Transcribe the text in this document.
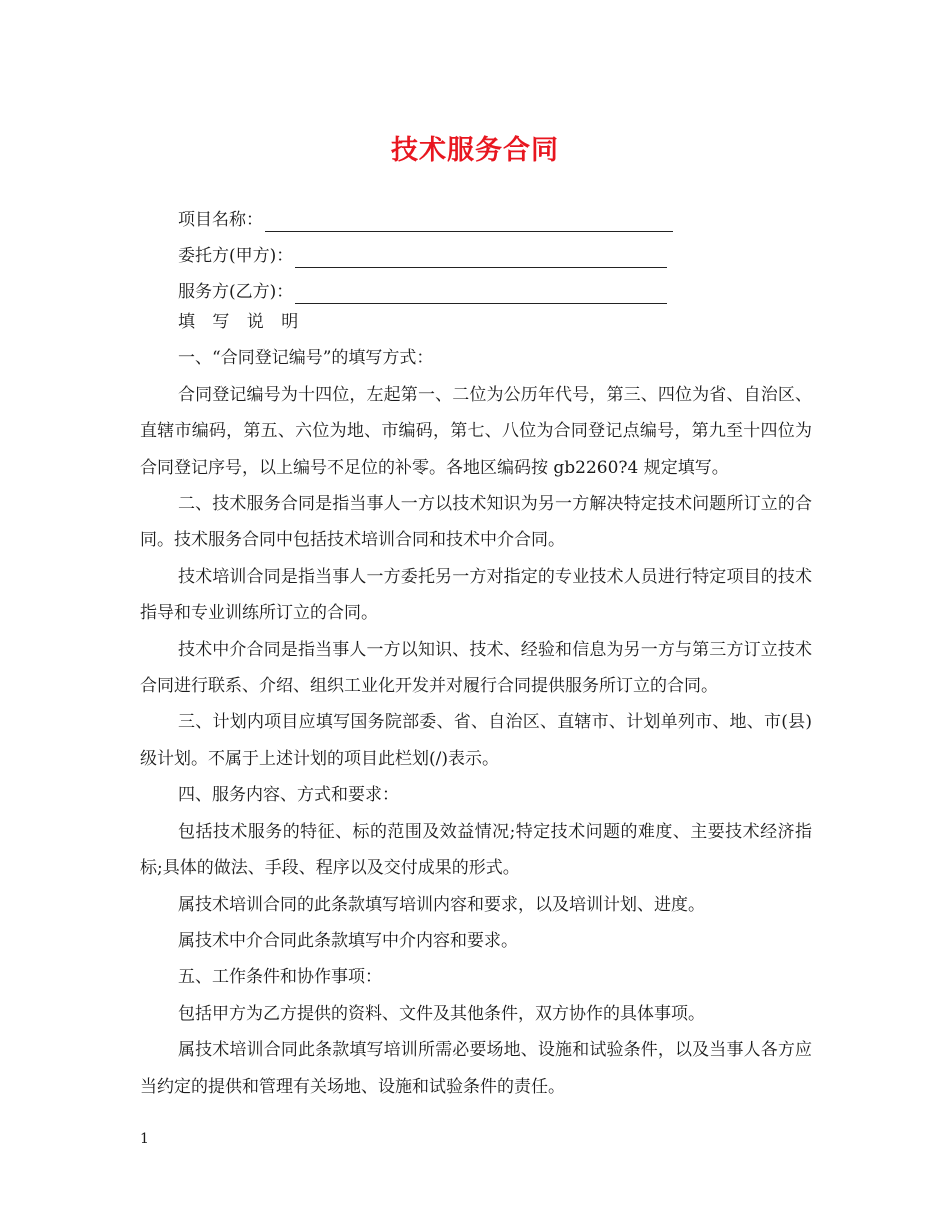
技术服务合同
项目名称：
委托方(甲方)：
服务方(乙方)：

填 写 说 明

一、“合同登记编号”的填写方式：

合同登记编号为十四位，左起第一、二位为公历年代号，第三、四位为省、自治区、直辖市编码，第五、六位为地、市编码，第七、八位为合同登记点编号，第九至十四位为合同登记序号，以上编号不足位的补零。各地区编码按 gb2260?4 规定填写。

二、技术服务合同是指当事人一方以技术知识为另一方解决特定技术问题所订立的合同。技术服务合同中包括技术培训合同和技术中介合同。

技术培训合同是指当事人一方委托另一方对指定的专业技术人员进行特定项目的技术指导和专业训练所订立的合同。

技术中介合同是指当事人一方以知识、技术、经验和信息为另一方与第三方订立技术合同进行联系、介绍、组织工业化开发并对履行合同提供服务所订立的合同。

三、计划内项目应填写国务院部委、省、自治区、直辖市、计划单列市、地、市(县)级计划。不属于上述计划的项目此栏划(/)表示。

四、服务内容、方式和要求：

包括技术服务的特征、标的范围及效益情况;特定技术问题的难度、主要技术经济指标;具体的做法、手段、程序以及交付成果的形式。

属技术培训合同的此条款填写培训内容和要求，以及培训计划、进度。

属技术中介合同此条款填写中介内容和要求。

五、工作条件和协作事项：

包括甲方为乙方提供的资料、文件及其他条件，双方协作的具体事项。

属技术培训合同此条款填写培训所需必要场地、设施和试验条件，以及当事人各方应当约定的提供和管理有关场地、设施和试验条件的责任。

1
